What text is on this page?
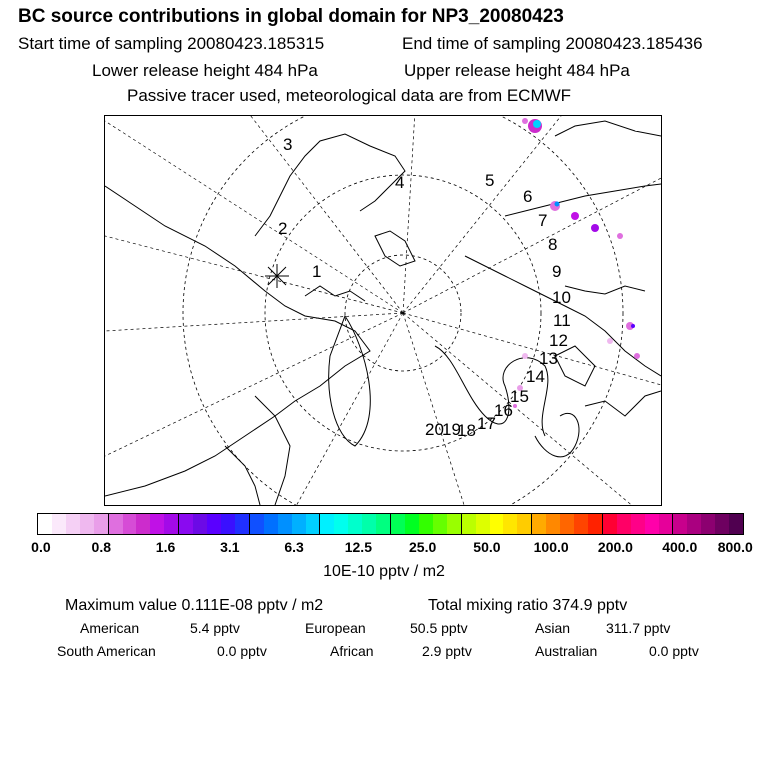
BC source contributions in global domain for NP3_20080423
Start time of sampling 20080423.185315	End time of sampling 20080423.185436
Lower release height 484 hPa	Upper release height 484 hPa
Passive tracer used, meteorological data are from ECMWF
1
2
3
4	5
6
7
8
9
10
11
12
13
14
15
16
17
18
19
20
0.0	0.8	1.6	3.1	6.3	12.5	25.0	50.0 100.0 200.0 400.0 800.0
10E-10 pptv / m2
Maximum value 0.111E-08 pptv / m2	Total mixing ratio 374.9 pptv
American	5.4 pptv	European	50.5 pptv	Asian	311.7 pptv
South American	0.0 pptv	African	2.9 pptv	Australian	0.0 pptv
